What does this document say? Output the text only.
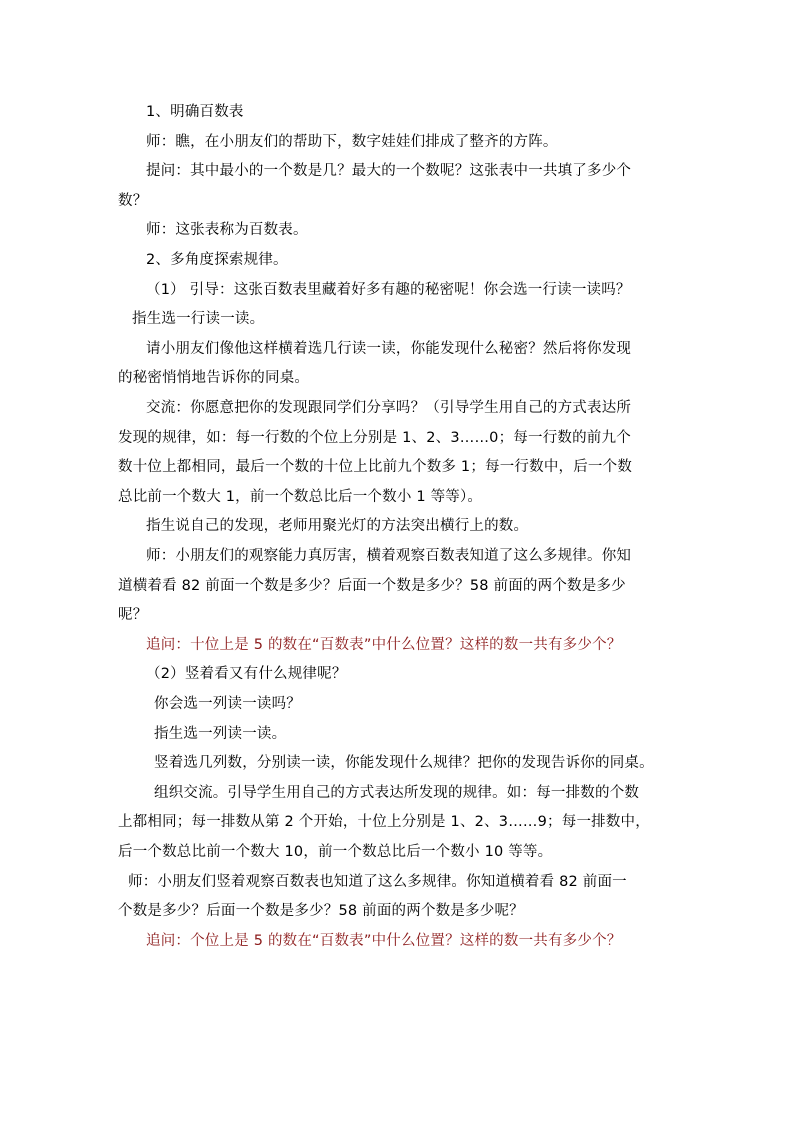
1、明确百数表
师：瞧，在小朋友们的帮助下，数字娃娃们排成了整齐的方阵。
提问：其中最小的一个数是几？最大的一个数呢？这张表中一共填了多少个
数？
师：这张表称为百数表。
2、多角度探索规律。
（1） 引导：这张百数表里藏着好多有趣的秘密呢！你会选一行读一读吗？
指生选一行读一读。
请小朋友们像他这样横着选几行读一读，你能发现什么秘密？然后将你发现
的秘密悄悄地告诉你的同桌。
交流：你愿意把你的发现跟同学们分享吗？（引导学生用自己的方式表达所
发现的规律，如：每一行数的个位上分别是 1、2、3……0；每一行数的前九个
数十位上都相同，最后一个数的十位上比前九个数多 1；每一行数中，后一个数
总比前一个数大 1，前一个数总比后一个数小 1 等等）。
指生说自己的发现，老师用聚光灯的方法突出横行上的数。
师：小朋友们的观察能力真厉害，横着观察百数表知道了这么多规律。你知
道横着看 82 前面一个数是多少？后面一个数是多少？58 前面的两个数是多少
呢？
追问：十位上是 5 的数在“百数表”中什么位置？这样的数一共有多少个？
（2）竖着看又有什么规律呢？
你会选一列读一读吗？
指生选一列读一读。
竖着选几列数，分别读一读，你能发现什么规律？把你的发现告诉你的同桌。
组织交流。引导学生用自己的方式表达所发现的规律。如：每一排数的个数
上都相同；每一排数从第 2 个开始，十位上分别是 1、2、3……9；每一排数中，
后一个数总比前一个数大 10，前一个数总比后一个数小 10 等等。
师：小朋友们竖着观察百数表也知道了这么多规律。你知道横着看 82 前面一
个数是多少？后面一个数是多少？58 前面的两个数是多少呢？
追问：个位上是 5 的数在“百数表”中什么位置？这样的数一共有多少个？
